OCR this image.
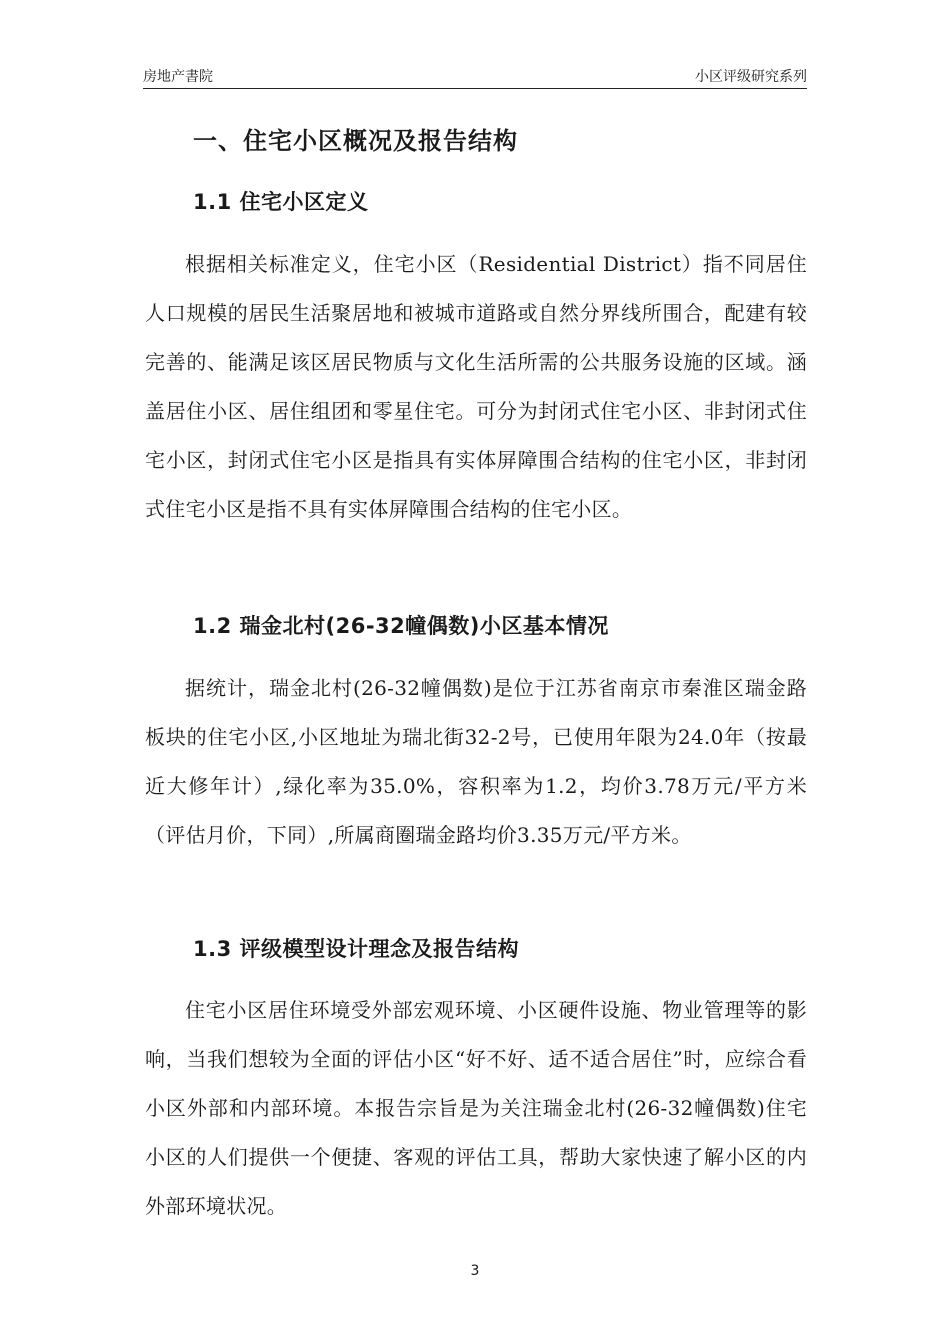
房地产書院	小区评级研究系列
一、住宅小区概况及报告结构
1.1 住宅小区定义

根据相关标准定义，住宅小区（Residential District）指不同居住人口规模的居民生活聚居地和被城市道路或自然分界线所围合，配建有较完善的、能满足该区居民物质与文化生活所需的公共服务设施的区域。涵盖居住小区、居住组团和零星住宅。可分为封闭式住宅小区、非封闭式住宅小区，封闭式住宅小区是指具有实体屏障围合结构的住宅小区，非封闭式住宅小区是指不具有实体屏障围合结构的住宅小区。

1.2 瑞金北村(26-32幢偶数)小区基本情况

据统计，瑞金北村(26-32幢偶数)是位于江苏省南京市秦淮区瑞金路板块的住宅小区,小区地址为瑞北街32-2号，已使用年限为24.0年（按最近大修年计）,绿化率为35.0%，容积率为1.2，均价3.78万元/平方米（评估月价，下同）,所属商圈瑞金路均价3.35万元/平方米。

1.3 评级模型设计理念及报告结构

住宅小区居住环境受外部宏观环境、小区硬件设施、物业管理等的影响，当我们想较为全面的评估小区“好不好、适不适合居住”时，应综合看小区外部和内部环境。本报告宗旨是为关注瑞金北村(26-32幢偶数)住宅小区的人们提供一个便捷、客观的评估工具，帮助大家快速了解小区的内外部环境状况。

3
